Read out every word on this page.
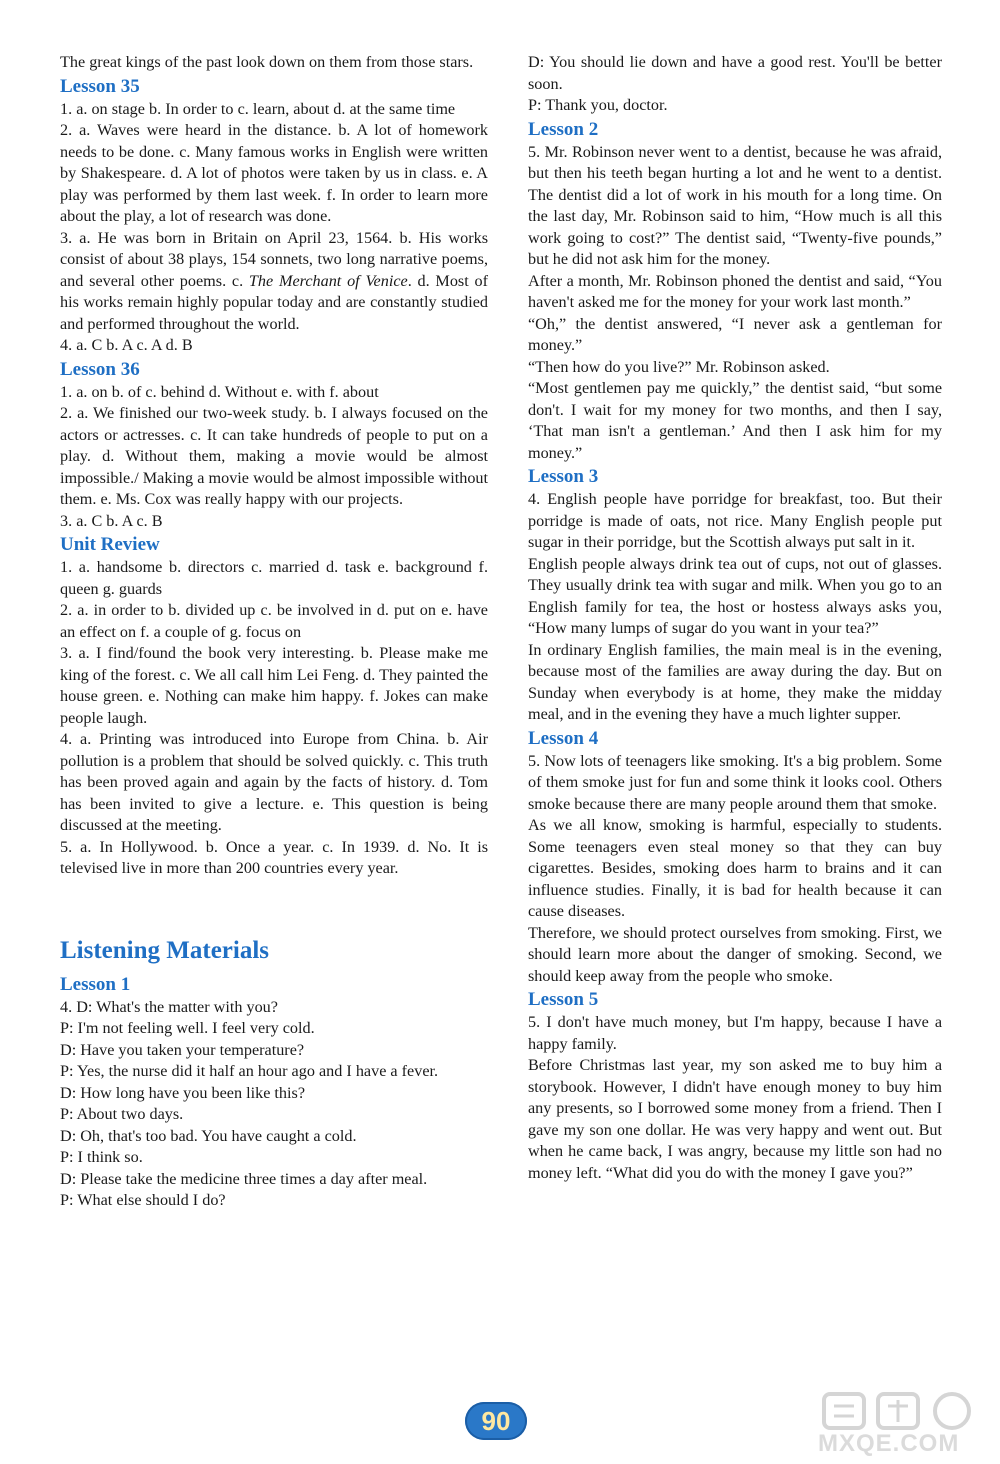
The great kings of the past look down on them from those stars.

Lesson 35

1. a. on stage b. In order to c. learn, about d. at the same time

2. a. Waves were heard in the distance. b. A lot of homework needs to be done. c. Many famous works in English were written by Shakespeare. d. A lot of photos were taken by us in class. e. A play was performed by them last week. f. In order to learn more about the play, a lot of research was done.

3. a. He was born in Britain on April 23, 1564. b. His works consist of about 38 plays, 154 sonnets, two long narrative poems, and several other poems. c. The Merchant of Venice. d. Most of his works remain highly popular today and are constantly studied and performed throughout the world.

4. a. C b. A c. A d. B

Lesson 36

1. a. on b. of c. behind d. Without e. with f. about

2. a. We finished our two-week study. b. I always focused on the actors or actresses. c. It can take hundreds of people to put on a play. d. Without them, making a movie would be almost impossible./ Making a movie would be almost impossible without them. e. Ms. Cox was really happy with our projects.

3. a. C b. A c. B

Unit Review

1. a. handsome b. directors c. married d. task e. background f. queen g. guards

2. a. in order to b. divided up c. be involved in d. put on e. have an effect on f. a couple of g. focus on

3. a. I find/found the book very interesting. b. Please make me king of the forest. c. We all call him Lei Feng. d. They painted the house green. e. Nothing can make him happy. f. Jokes can make people laugh.

4. a. Printing was introduced into Europe from China. b. Air pollution is a problem that should be solved quickly. c. This truth has been proved again and again by the facts of history. d. Tom has been invited to give a lecture. e. This question is being discussed at the meeting.

5. a. In Hollywood. b. Once a year. c. In 1939. d. No. It is televised live in more than 200 countries every year.

Listening Materials
Lesson 1

4. D: What's the matter with you?

P: I'm not feeling well. I feel very cold.

D: Have you taken your temperature?

P: Yes, the nurse did it half an hour ago and I have a fever.

D: How long have you been like this?

P: About two days.

D: Oh, that's too bad. You have caught a cold.

P: I think so.

D: Please take the medicine three times a day after meal.

P: What else should I do?

D: You should lie down and have a good rest. You'll be better soon.

P: Thank you, doctor.

Lesson 2

5. Mr. Robinson never went to a dentist, because he was afraid, but then his teeth began hurting a lot and he went to a dentist. The dentist did a lot of work in his mouth for a long time. On the last day, Mr. Robinson said to him, “How much is all this work going to cost?” The dentist said, “Twenty-five pounds,” but he did not ask him for the money.

After a month, Mr. Robinson phoned the dentist and said, “You haven't asked me for the money for your work last month.”

“Oh,” the dentist answered, “I never ask a gentleman for money.”

“Then how do you live?” Mr. Robinson asked.

“Most gentlemen pay me quickly,” the dentist said, “but some don't. I wait for my money for two months, and then I say, ‘That man isn't a gentleman.’ And then I ask him for my money.”

Lesson 3

4. English people have porridge for breakfast, too. But their porridge is made of oats, not rice. Many English people put sugar in their porridge, but the Scottish always put salt in it.

English people always drink tea out of cups, not out of glasses. They usually drink tea with sugar and milk. When you go to an English family for tea, the host or hostess always asks you, “How many lumps of sugar do you want in your tea?”

In ordinary English families, the main meal is in the evening, because most of the families are away during the day. But on Sunday when everybody is at home, they make the midday meal, and in the evening they have a much lighter supper.

Lesson 4

5. Now lots of teenagers like smoking. It's a big problem. Some of them smoke just for fun and some think it looks cool. Others smoke because there are many people around them that smoke.

As we all know, smoking is harmful, especially to students. Some teenagers even steal money so that they can buy cigarettes. Besides, smoking does harm to brains and it can influence studies. Finally, it is bad for health because it can cause diseases.

Therefore, we should protect ourselves from smoking. First, we should learn more about the danger of smoking. Second, we should keep away from the people who smoke.

Lesson 5

5. I don't have much money, but I'm happy, because I have a happy family.

Before Christmas last year, my son asked me to buy him a storybook. However, I didn't have enough money to buy him any presents, so I borrowed some money from a friend. Then I gave my son one dollar. He was very happy and went out. But when he came back, I was angry, because my little son had no money left. “What did you do with the money I gave you?”

90
MXQE.COM
